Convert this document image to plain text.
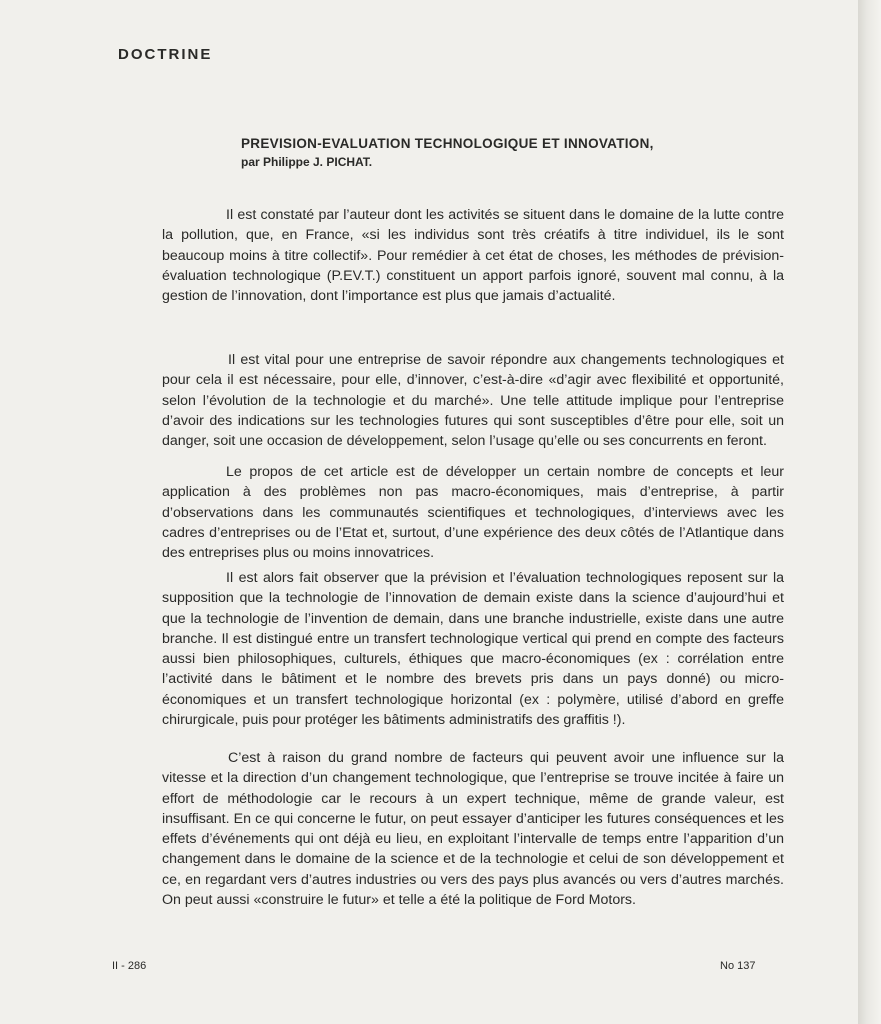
DOCTRINE
PREVISION-EVALUATION TECHNOLOGIQUE ET INNOVATION,
par Philippe J. PICHAT.

Il est constaté par l’auteur dont les activités se situent dans le domaine de la lutte contre la pollution, que, en France, «si les individus sont très créatifs à titre individuel, ils le sont beaucoup moins à titre collectif». Pour remédier à cet état de choses, les méthodes de prévision-évaluation technologique (P.EV.T.) constituent un apport parfois ignoré, souvent mal connu, à la gestion de l’innovation, dont l’importance est plus que jamais d’actualité.

Il est vital pour une entreprise de savoir répondre aux changements technologiques et pour cela il est nécessaire, pour elle, d’innover, c’est-à-dire «d’agir avec flexibilité et opportunité, selon l’évolution de la technologie et du marché». Une telle attitude implique pour l’entreprise d’avoir des indications sur les technologies futures qui sont susceptibles d’être pour elle, soit un danger, soit une occasion de développement, selon l’usage qu’elle ou ses concurrents en feront.

Le propos de cet article est de développer un certain nombre de concepts et leur application à des problèmes non pas macro-économiques, mais d’entreprise, à partir d’observations dans les communautés scientifiques et technologiques, d’interviews avec les cadres d’entreprises ou de l’Etat et, surtout, d’une expérience des deux côtés de l’Atlantique dans des entreprises plus ou moins innovatrices.

Il est alors fait observer que la prévision et l’évaluation technologiques reposent sur la supposition que la technologie de l’innovation de demain existe dans la science d’aujourd’hui et que la technologie de l’invention de demain, dans une branche industrielle, existe dans une autre branche. Il est distingué entre un transfert technologique vertical qui prend en compte des facteurs aussi bien philosophiques, culturels, éthiques que macro-économiques (ex : corrélation entre l’activité dans le bâtiment et le nombre des brevets pris dans un pays donné) ou micro-économiques et un transfert technologique horizontal (ex : polymère, utilisé d’abord en greffe chirurgicale, puis pour protéger les bâtiments administratifs des graffitis !).

C’est à raison du grand nombre de facteurs qui peuvent avoir une influence sur la vitesse et la direction d’un changement technologique, que l’entreprise se trouve incitée à faire un effort de méthodologie car le recours à un expert technique, même de grande valeur, est insuffisant. En ce qui concerne le futur, on peut essayer d’anticiper les futures conséquences et les effets d’événements qui ont déjà eu lieu, en exploitant l’intervalle de temps entre l’apparition d’un changement dans le domaine de la science et de la technologie et celui de son développement et ce, en regardant vers d’autres industries ou vers des pays plus avancés ou vers d’autres marchés. On peut aussi «construire le futur» et telle a été la politique de Ford Motors.

II - 286	No 137
